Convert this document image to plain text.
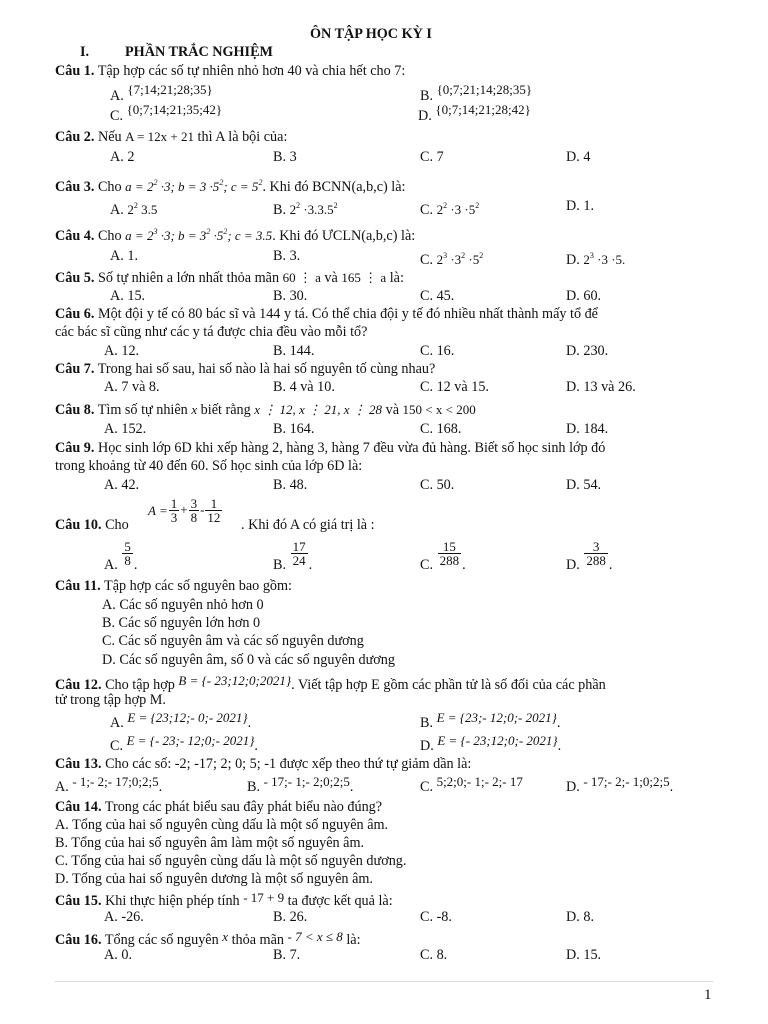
ÔN TẬP HỌC KỲ I
I.	PHẦN TRẮC NGHIỆM
Câu 1. Tập hợp các số tự nhiên nhỏ hơn 40 và chia hết cho 7:
A. {7;14;21;28;35}	B. {0;7;21;14;28;35}
C. {0;7;14;21;35;42}	D. {0;7;14;21;28;42}
Câu 2. Nếu A = 12x + 21 thì A là bội của:
A. 2	B. 3	C. 7	D. 4
Câu 3. Cho $a = 2^2 \cdot 3$; $b = 3 \cdot 5^2$; $c = 5^2$. Khi đó BCNN(a,b,c) là:
A. $2^2$ 3.5	B. $2^2 \cdot 3.3.5^2$	C. $2^2 \cdot 3 \cdot 5^2$	D. 1.
Câu 4. Cho $a = 2^3 \cdot 3$; $b = 3^2 \cdot 5^2$; c = 3.5. Khi đó ƯCLN(a,b,c) là:
A. 1.	B. 3.	C. $2^3 \cdot 3^2 \cdot 5^2$	D. $2^3 \cdot 3 \cdot 5$.
Câu 5. Số tự nhiên a lớn nhất thỏa mãn 60 ⋮ a và 165 ⋮ a là:
A. 15.	B. 30.	C. 45.	D. 60.
Câu 6. Một đội y tế có 80 bác sĩ và 144 y tá. Có thể chia đội y tế đó nhiều nhất thành mấy tổ để
các bác sĩ cũng như các y tá được chia đều vào mỗi tổ?
A. 12.	B. 144.	C. 16.	D. 230.
Câu 7. Trong hai số sau, hai số nào là hai số nguyên tố cùng nhau?
A. 7 và 8.	B. 4 và 10.	C. 12 và 15.	D. 13 và 26.
Câu 8. Tìm số tự nhiên x biết rằng x ⋮ 12, x ⋮ 21, x ⋮ 28 và 150 < x < 200
A. 152.	B. 164.	C. 168.	D. 184.
Câu 9. Học sinh lớp 6D khi xếp hàng 2, hàng 3, hàng 7 đều vừa đủ hàng. Biết số học sinh lớp đó
trong khoảng từ 40 đến 60. Số học sinh của lớp 6D là:
A. 42.	B. 48.	C. 50.	D. 54.
Câu 10. Cho
$A = \frac{1}{3} + \frac{3}{8} - \frac{1}{12}$
. Khi đó A có giá trị là :
A. $\frac{5}{8}$ .	B. $\frac{17}{24}$ .	C. $\frac{15}{288}$ .	D. $\frac{3}{288}$ .
Câu 11. Tập hợp các số nguyên bao gồm:
A. Các số nguyên nhỏ hơn 0
B. Các số nguyên lớn hơn 0
C. Các số nguyên âm và các số nguyên dương
D. Các số nguyên âm, số 0 và các số nguyên dương
Câu 12. Cho tập hợp B = {- 23;12;0;2021}. Viết tập hợp E gồm các phần tử là số đối của các phần
tử trong tập hợp M.
A. E = {23;12;- 0;- 2021}.	B. E = {23;- 12;0;- 2021}.
C. E = {- 23;- 12;0;- 2021}.	D. E = {- 23;12;0;- 2021}.
Câu 13. Cho các số: -2; -17; 2; 0; 5; -1 được xếp theo thứ tự giảm dần là:
A. - 1;- 2;- 17;0;2;5.	B. - 17;- 1;- 2;0;2;5.	C. 5;2;0;- 1;- 2;- 17	D. - 17;- 2;- 1;0;2;5.
Câu 14. Trong các phát biểu sau đây phát biểu nào đúng?
A. Tổng của hai số nguyên cùng dấu là một số nguyên âm.
B. Tổng của hai số nguyên âm làm một số nguyên âm.
C. Tổng của hai số nguyên cùng dấu là một số nguyên dương.
D. Tổng của hai số nguyên dương là một số nguyên âm.
Câu 15. Khi thực hiện phép tính - 17 + 9 ta được kết quả là:
A. -26.	B. 26.	C. -8.	D. 8.
Câu 16. Tổng các số nguyên x thỏa mãn - 7 < x ≤ 8 là:
A. 0.	B. 7.	C. 8.	D. 15.
1
